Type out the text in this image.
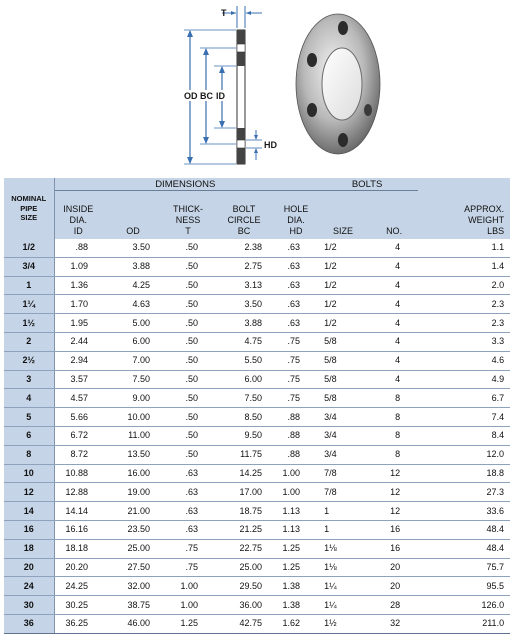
T
OD BC ID
HD
NOMINAL
PIPE
SIZE	DIMENSIONS					BOLTS		
	INSIDE
DIA.
ID	OD	THICK-
NESS
T	BOLT
CIRCLE
BC	HOLE
DIA.
HD	SIZE	NO.	APPROX.
WEIGHT
LBS
1/2	.88	3.50	.50	2.38	.63	1/2	4	1.1
3/4	1.09	3.88	.50	2.75	.63	1/2	4	1.4
1	1.36	4.25	.50	3.13	.63	1/2	4	2.0
1¼	1.70	4.63	.50	3.50	.63	1/2	4	2.3
1½	1.95	5.00	.50	3.88	.63	1/2	4	2.3
2	2.44	6.00	.50	4.75	.75	5/8	4	3.3
2½	2.94	7.00	.50	5.50	.75	5/8	4	4.6
3	3.57	7.50	.50	6.00	.75	5/8	4	4.9
4	4.57	9.00	.50	7.50	.75	5/8	8	6.7
5	5.66	10.00	.50	8.50	.88	3/4	8	7.4
6	6.72	11.00	.50	9.50	.88	3/4	8	8.4
8	8.72	13.50	.50	11.75	.88	3/4	8	12.0
10	10.88	16.00	.63	14.25	1.00	7/8	12	18.8
12	12.88	19.00	.63	17.00	1.00	7/8	12	27.3
14	14.14	21.00	.63	18.75	1.13	1	12	33.6
16	16.16	23.50	.63	21.25	1.13	1	16	48.4
18	18.18	25.00	.75	22.75	1.25	1⅛	16	48.4
20	20.20	27.50	.75	25.00	1.25	1⅛	20	75.7
24	24.25	32.00	1.00	29.50	1.38	1¼	20	95.5
30	30.25	38.75	1.00	36.00	1.38	1¼	28	126.0
36	36.25	46.00	1.25	42.75	1.62	1½	32	211.0
